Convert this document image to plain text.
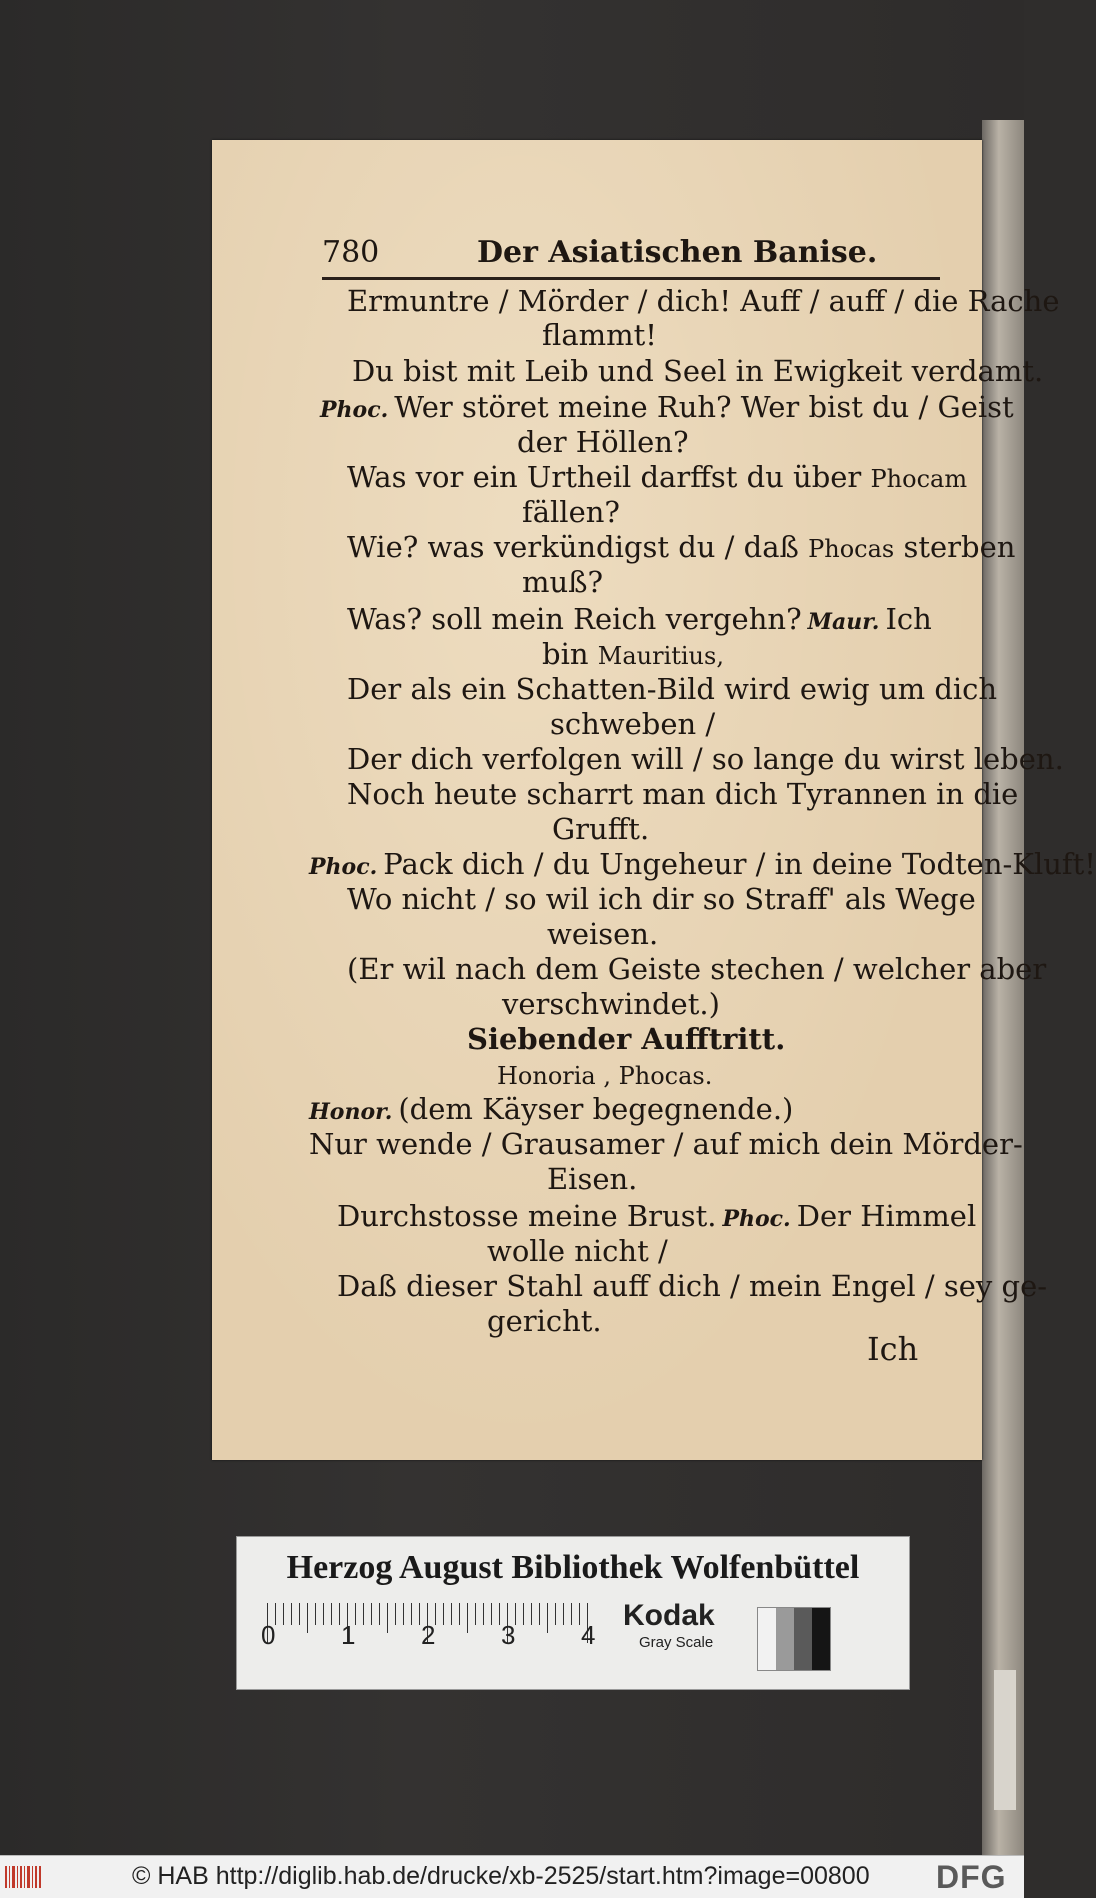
780	Der Asiatischen Banise.
Ermuntre / Mörder / dich! Auff / auff / die Rache
flammt!
Du bist mit Leib und Seel in Ewigkeit verdamt.
Phoc. Wer störet meine Ruh? Wer bist du / Geist
der Höllen?
Was vor ein Urtheil darffst du über Phocam
fällen?
Wie? was verkündigst du / daß Phocas sterben
muß?
Was? soll mein Reich vergehn? Maur. Ich
bin Mauritius,
Der als ein Schatten-Bild wird ewig um dich
schweben /
Der dich verfolgen will / so lange du wirst leben.
Noch heute scharrt man dich Tyrannen in die
Grufft.
Phoc. Pack dich / du Ungeheur / in deine Todten-Kluft!
Wo nicht / so wil ich dir so Straff' als Wege
weisen.
(Er wil nach dem Geiste stechen / welcher aber
verschwindet.)
Siebender Aufftritt.
Honoria , Phocas.
Honor. (dem Käyser begegnende.)
Nur wende / Grausamer / auf mich dein Mörder-
Eisen.
Durchstosse meine Brust. Phoc. Der Himmel
wolle nicht /
Daß dieser Stahl auff dich / mein Engel / sey ge-
gericht.
Ich
Herzog August Bibliothek Wolfenbüttel
0	1	2	3	4
Kodak
Gray Scale
© HAB http://diglib.hab.de/drucke/xb-2525/start.htm?image=00800 DFG
